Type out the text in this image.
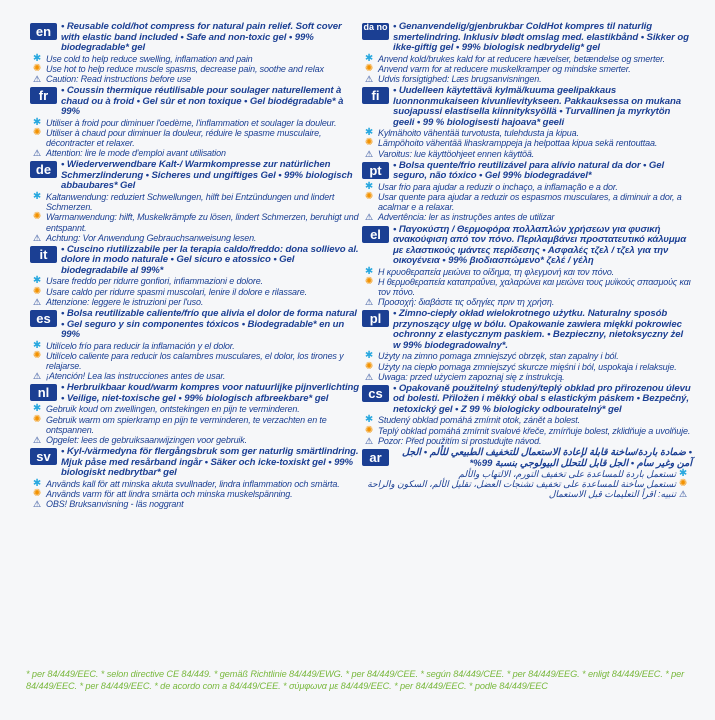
en	• Reusable cold/hot compress for natural pain relief. Soft cover with elastic band included • Safe and non-toxic gel • 99% biodegradable* gel
✱ Use cold to help reduce swelling, inflamation and pain
✺ Use hot to help reduce muscle spasms, decrease pain, soothe and relax
⚠ Caution: Read instructions before use
fr	• Coussin thermique réutilisable pour soulager naturellement à chaud ou à froid • Gel sûr et non toxique • Gel biodégradable* à 99%
✱ Utiliser à froid pour diminuer l'oedème, l'inflammation et soulager la douleur.
✺ Utiliser à chaud pour diminuer la douleur, réduire le spasme musculaire, décontracter et relaxer.
⚠ Attention: lire le mode d'emploi avant utilisation
de	• Wiederverwendbare Kalt-/ Warmkompresse zur natürlichen Schmerzlinderung • Sicheres und ungiftiges Gel • 99% biologisch abbaubares* Gel
✱ Kaltanwendung: reduziert Schwellungen, hilft bei Entzündungen und lindert Schmerzen.
✺ Warmanwendung: hilft, Muskelkrämpfe zu lösen, lindert Schmerzen, beruhigt und entspannt.
⚠ Achtung: Vor Anwendung Gebrauchsanweisung lesen.
it	• Cuscino riutilizzabile per la terapia caldo/freddo: dona sollievo al. dolore in modo naturale • Gel sicuro e atossico • Gel biodegradabile al 99%*
✱ Usare freddo per ridurre gonfiori, infiammazioni e dolore.
✺ Usare caldo per ridurre spasmi muscolari, lenire il dolore e rilassare.
⚠ Attenzione: leggere le istruzioni per l'uso.
es	• Bolsa reutilizable caliente/frío que alivia el dolor de forma natural • Gel seguro y sin componentes tóxicos • Biodegradable* en un 99%
✱ Utilícelo frío para reducir la inflamación y el dolor.
✺ Utilícelo caliente para reducir los calambres musculares, el dolor, los tirones y relajarse.
⚠ ¡Atención! Lea las instrucciones antes de usar.
nl	• Herbruikbaar koud/warm kompres voor natuurlijke pijnverlichting • Veilige, niet-toxische gel • 99% biologisch afbreekbare* gel
✱ Gebruik koud om zwellingen, ontstekingen en pijn te verminderen.
✺ Gebruik warm om spierkramp en pijn te verminderen, te verzachten en te ontspannen.
⚠ Opgelet: lees de gebruiksaanwijzingen voor gebruik.
sv	• Kyl-/värmedyna för flergångsbruk som ger naturlig smärtlindring. Mjuk påse med resårband ingår • Säker och icke-toxiskt gel • 99% biologiskt nedbrytbar* gel
✱ Används kall för att minska akuta svullnader, lindra inflammation och smärta.
✺ Används varm för att lindra smärta och minska muskelspänning.
⚠ OBS! Bruksanvisning - läs noggrant
da no • Genanvendelig/gjenbrukbar ColdHot kompres til naturlig smertelindring. Inklusiv blødt omslag med. elastikbånd • Sikker og ikke-giftig gel • 99% biologisk nedbrydelig* gel
✱ Anvend kold/brukes kald for at reducere hævelser, betændelse og smerter.
✺ Anvend varm for at reducere muskelkramper og mindske smerter.
⚠ Udvis forsigtighed: Læs brugsanvisningen.
fi	• Uudelleen käytettävä kylmä/kuuma geelipakkaus luonnonmukaiseen kivunlievitykseen. Pakkauksessa on mukana suojapussi elastisella kiinnityksyöllä • Turvallinen ja myrkytön geeli • 99 % biologisesti hajoava* geeli
✱ Kylmähoito vähentää turvotusta, tulehdusta ja kipua.
✺ Lämpöhoito vähentää lihaskramppeja ja helpottaa kipua sekä rentouttaa.
⚠ Varoitus: lue käyttöohjeet ennen käyttöä.
pt	• Bolsa quente/frio reutilizável para alívio natural da dor • Gel seguro, não tóxico • Gel 99% biodegradável*
✱ Usar frio para ajudar a reduzir o inchaço, a inflamação e a dor.
✺ Usar quente para ajudar a reduzir os espasmos musculares, a diminuir a dor, a acalmar e a relaxar.
⚠ Advertência: ler as instruções antes de utilizar
el	• Παγοκύστη / Θερμοφόρα πολλαπλών χρήσεων για φυσική ανακούφιση από τον πόνο. Περιλαμβάνει προστατευτικό κάλυμμα με ελαστικούς ιμάντες περίδεσης • Ασφαλές τζελ / τζελ για την οικογένεια • 99% βιοδιασπώμενο* ζελέ / γέλη
✱ Η κρυοθεραπεία μειώνει το οίδημα, τη φλεγμονή και τον πόνο.
✺ Η θερμοθεραπεία καταπραΰνει, χαλαρώνει και μειώνει τους μυϊκούς σπασμούς και τον πόνο.
⚠ Προσοχή: διαβάστε τις οδηγίες πριν τη χρήση.
pl	• Zimno-ciepły okład wielokrotnego użytku. Naturalny sposób przynoszący ulgę w bólu. Opakowanie zawiera miękki pokrowiec ochronny z elastycznym paskiem. • Bezpieczny, nietoksyczny żel w 99% biodegradowalny*.
✱ Użyty na zimno pomaga zmniejszyć obrzęk, stan zapalny i ból.
✺ Użyty na ciepło pomaga zmniejszyć skurcze mięśni i ból, uspokaja i relaksuje.
⚠ Uwaga: przed użyciem zapoznaj się z instrukcją.
cs	• Opakovaně použitelný studený/teplý obklad pro přirozenou úlevu od bolesti. Přiložen i měkký obal s elastickým páskem • Bezpečný, netoxický gel • Z 99 % biologicky odbouratelný* gel
✱ Studený obklad pomáhá zmírnit otok, zánět a bolest.
✺ Teplý obklad pomáhá zmírnit svalové křeče, zmírňuje bolest, zklidňuje a uvolňuje.
⚠ Pozor: Před použitím si prostudujte návod.
ar	• ضمادة باردة/ساخنة قابلة لإعادة الاستعمال للتخفيف الطبيعي للألم • الجل آمن وغير سام • الجل قابل للتحلل البيولوجي بنسبة 99%*
تستعمل باردة للمساعدة على تخفيف التورم، الالتهاب والألم ✱
تستعمل ساخنة للمساعدة على تخفيف تشنجات العضل، تقليل الألم، السكون والراحة ✺
تنبيه: اقرأ التعليمات قبل الاستعمال ⚠
* per 84/449/EEC. * selon directive CE 84/449. * gemäß Richtlinie 84/449/EWG. * per 84/449/CEE. * según 84/449/CEE. * per 84/449/EEG. * enligt 84/449/EEC. * per 84/449/EEC. * per 84/449/EEC. * de acordo com a 84/449/CEE. * σύμφωνα με 84/449/EEC. * per 84/449/EEC. * podle 84/449/EEC
